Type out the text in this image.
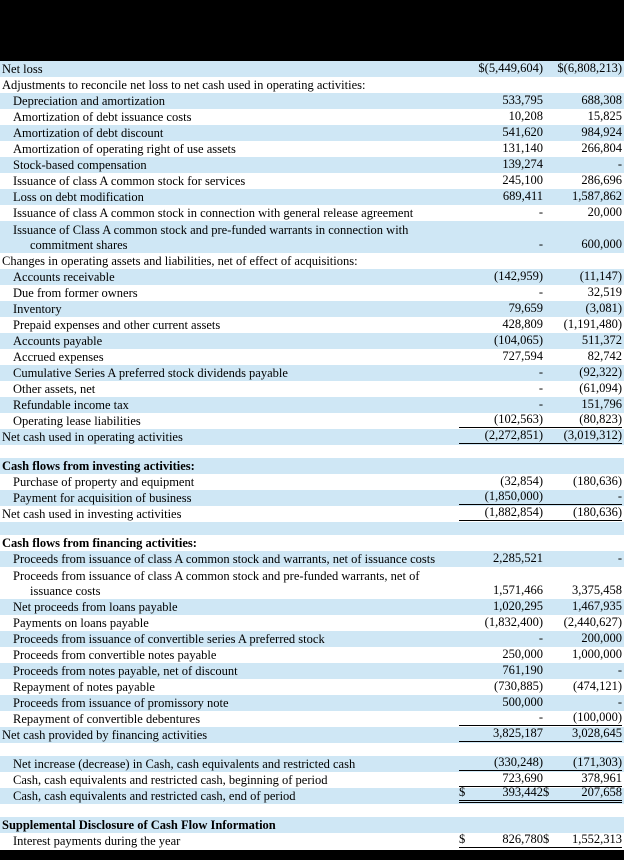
Net loss	$(5,449,604)	$(6,808,213)
Adjustments to reconcile net loss to net cash used in operating activities:
Depreciation and amortization	533,795	688,308
Amortization of debt issuance costs	10,208	15,825
Amortization of debt discount	541,620	984,924
Amortization of operating right of use assets	131,140	266,804
Stock-based compensation	139,274	-
Issuance of class A common stock for services	245,100	286,696
Loss on debt modification	689,411	1,587,862
Issuance of class A common stock in connection with general release agreement	-	20,000
Issuance of Class A common stock and pre-funded warrants in connection with
commitment shares	-	600,000
Changes in operating assets and liabilities, net of effect of acquisitions:
Accounts receivable	(142,959)	(11,147)
Due from former owners	-	32,519
Inventory	79,659	(3,081)
Prepaid expenses and other current assets	428,809	(1,191,480)
Accounts payable	(104,065)	511,372
Accrued expenses	727,594	82,742
Cumulative Series A preferred stock dividends payable	-	(92,322)
Other assets, net	-	(61,094)
Refundable income tax	-	151,796
Operating lease liabilities	(102,563)	(80,823)
Net cash used in operating activities	(2,272,851)	(3,019,312)
Cash flows from investing activities:
Purchase of property and equipment	(32,854)	(180,636)
Payment for acquisition of business	(1,850,000)	-
Net cash used in investing activities	(1,882,854)	(180,636)
Cash flows from financing activities:
Proceeds from issuance of class A common stock and warrants, net of issuance costs	2,285,521	-
Proceeds from issuance of class A common stock and pre-funded warrants, net of
issuance costs	1,571,466	3,375,458
Net proceeds from loans payable	1,020,295	1,467,935
Payments on loans payable	(1,832,400)	(2,440,627)
Proceeds from issuance of convertible series A preferred stock	-	200,000
Proceeds from convertible notes payable	250,000	1,000,000
Proceeds from notes payable, net of discount	761,190	-
Repayment of notes payable	(730,885)	(474,121)
Proceeds from issuance of promissory note	500,000	-
Repayment of convertible debentures	-	(100,000)
Net cash provided by financing activities	3,825,187	3,028,645
Net increase (decrease) in Cash, cash equivalents and restricted cash	(330,248)	(171,303)
Cash, cash equivalents and restricted cash, beginning of period	723,690	378,961
Cash, cash equivalents and restricted cash, end of period	$	393,442 $	207,658
Supplemental Disclosure of Cash Flow Information
Interest payments during the year	$	826,780 $ 1,552,313
